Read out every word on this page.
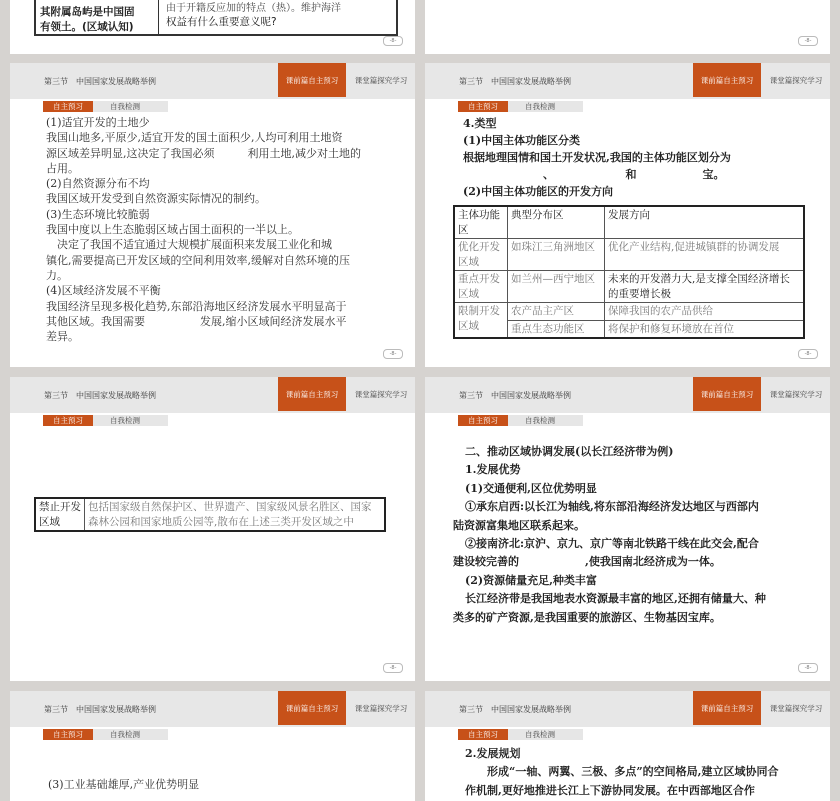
其附属岛屿是中国固
有领土。(区域认知)
由于开籍反应加的特点（热）。维护海洋
权益有什么重要意义呢?
-8-	-8-
第三节　中国国家发展战略举例	课前篇自主预习	课堂篇探究学习
自主预习	自我检测

(1)适宜开发的土地少

我国山地多,平原少,适宜开发的国土面积少,人均可利用土地资

源区域差异明显,这决定了我国必须　　　利用土地,减少对土地的

占用。

(2)自然资源分布不均

我国区域开发受到自然资源实际情况的制约。

(3)生态环境比较脆弱

我国中度以上生态脆弱区域占国土面积的一半以上。

　决定了我国不适宜通过大规模扩展面积来发展工业化和城

镇化,需要提高已开发区域的空间利用效率,缓解对自然环境的压

力。

(4)区域经济发展不平衡

我国经济呈现多极化趋势,东部沿海地区经济发展水平明显高于

其他区域。我国需要　　　　　发展,缩小区域间经济发展水平

差异。

-8-
第三节　中国国家发展战略举例	课前篇自主预习	课堂篇探究学习
自主预习	自我检测

4.类型

(1)中国主体功能区分类

根据地理国情和国土开发状况,我国的主体功能区划分为

、　　　　　　　和　　　　　　宝。

(2)中国主体功能区的开发方向

主体功能区	典型分布区	发展方向
优化开发区域	如珠江三角洲地区	优化产业结构,促进城镇群的协调发展
重点开发区域	如兰州—西宁地区	未来的开发潜力大,是支撑全国经济增长的重要增长极
限制开发区域	农产品主产区	保障我国的农产品供给
	重点生态功能区	将保护和修复环境放在首位
-8-
第三节　中国国家发展战略举例	课前篇自主预习	课堂篇探究学习
自主预习	自我检测
禁止开发区域	包括国家级自然保护区、世界遗产、国家级风景名胜区、国家森林公园和国家地质公园等,散布在上述三类开发区域之中
-8-
第三节　中国国家发展战略举例	课前篇自主预习	课堂篇探究学习
自主预习	自我检测

二、推动区域协调发展(以长江经济带为例)

1.发展优势

(1)交通便利,区位优势明显

①承东启西:以长江为轴线,将东部沿海经济发达地区与西部内

陆资源富集地区联系起来。

②接南济北:京沪、京九、京广等南北铁路干线在此交会,配合

建设较完善的　　　　　　,使我国南北经济成为一体。

(2)资源储量充足,种类丰富

长江经济带是我国地表水资源最丰富的地区,还拥有储量大、种

类多的矿产资源,是我国重要的旅游区、生物基因宝库。

-8-
第三节　中国国家发展战略举例	课前篇自主预习	课堂篇探究学习
自主预习	自我检测

(3)工业基础雄厚,产业优势明显

第三节　中国国家发展战略举例	课前篇自主预习	课堂篇探究学习
自主预习	自我检测

2.发展规划

形成“一轴、两翼、三极、多点”的空间格局,建立区域协同合

作机制,更好地推进长江上下游协同发展。在中西部地区合作
